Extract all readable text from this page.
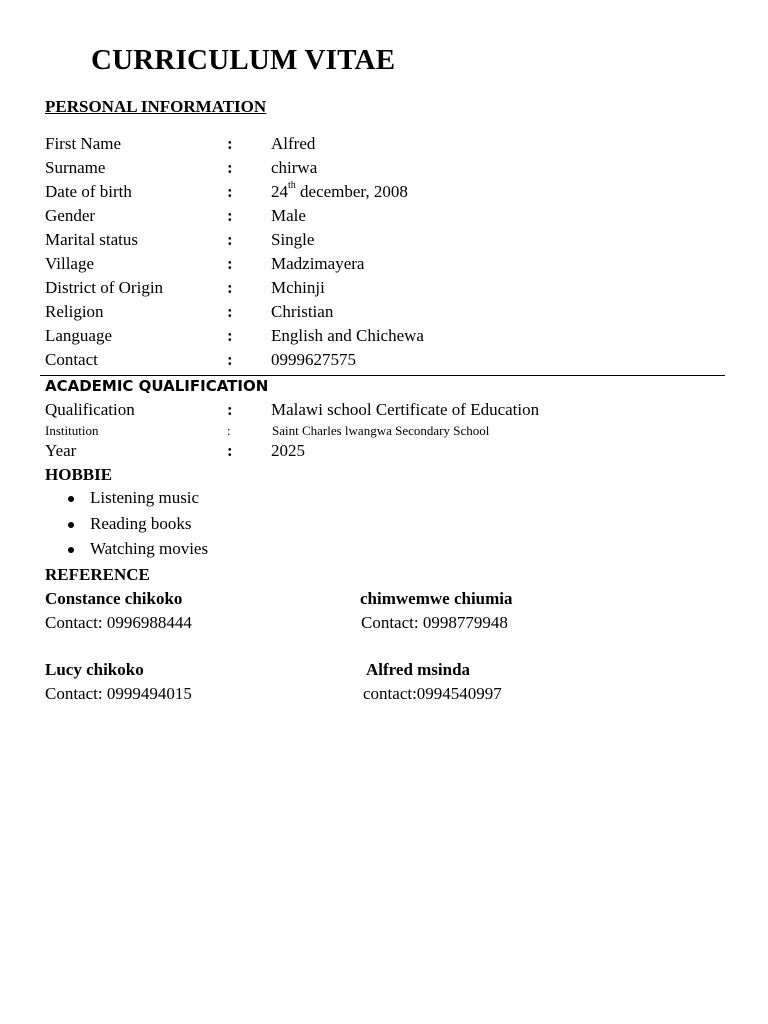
CURRICULUM VITAE
PERSONAL INFORMATION
First Name	: Alfred
Surname	: chirwa
Date of birth	: 24th december, 2008
Gender	: Male
Marital status	: Single
Village	: Madzimayera
District of Origin	: Mchinji
Religion	: Christian
Language	: English and Chichewa
Contact	: 0999627575
ACADEMIC QUALIFICATION
Qualification	: Malawi school Certificate of Education
Institution	:	Saint Charles lwangwa Secondary School
Year	: 2025
HOBBIE
Listening music
Reading books
Watching movies
REFERENCE
Constance chikoko
Contact: 0996988444
chimwemwe chiumia
Contact: 0998779948
Lucy chikoko
Contact: 0999494015
Alfred msinda
contact:0994540997
